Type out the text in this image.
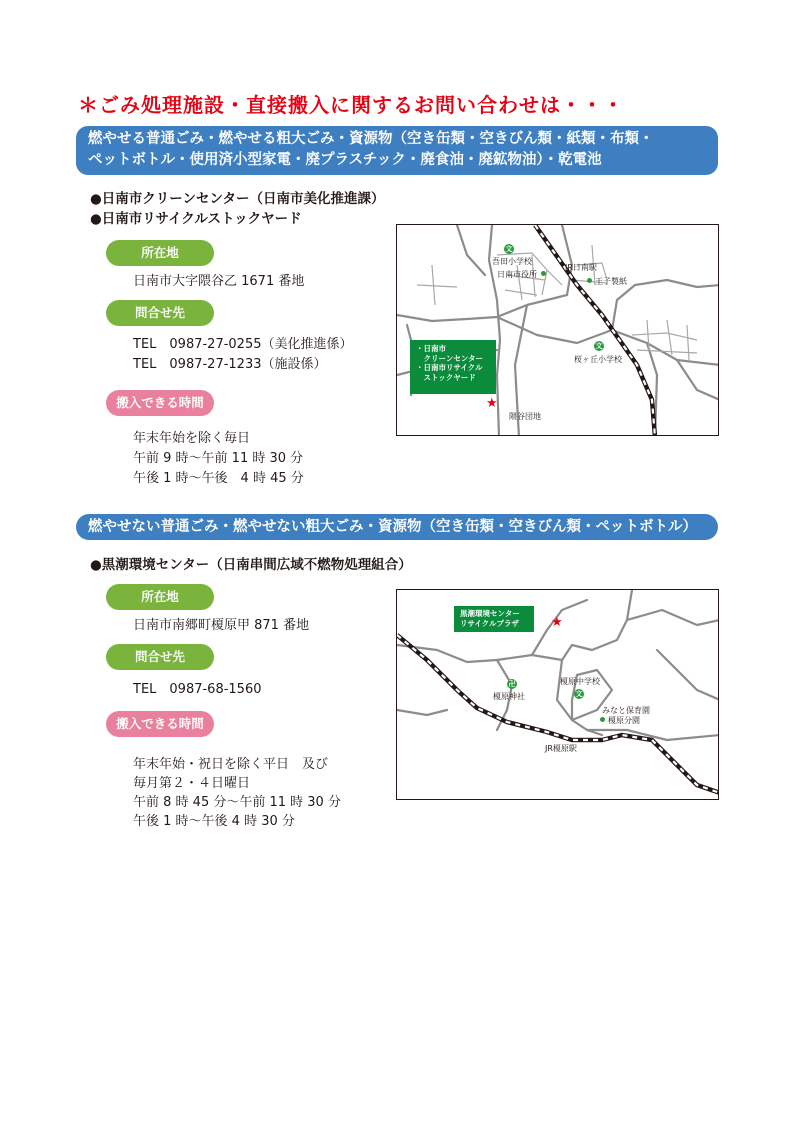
＊ごみ処理施設・直接搬入に関するお問い合わせは・・・
燃やせる普通ごみ・燃やせる粗大ごみ・資源物（空き缶類・空きびん類・紙類・布類・
ペットボトル・使用済小型家電・廃プラスチック・廃食油・廃鉱物油）・乾電池
●日南市クリーンセンター（日南市美化推進課）
●日南市リサイクルストックヤード
所在地
日南市大字隈谷乙 1671 番地
問合せ先
TEL　0987-27-0255（美化推進係）
TEL　0987-27-1233（施設係）
搬入できる時間
年末年始を除く毎日
午前 9 時〜午前 11 時 30 分
午後 1 時〜午後　4 時 45 分
文
吾田小学校
日南市役所
JR日南駅
王子製紙
文
桜ヶ丘小学校
・日南市
　クリーンセンター
・日南市リサイクル
　ストックヤード
★
隈谷団地
燃やせない普通ごみ・燃やせない粗大ごみ・資源物（空き缶類・空きびん類・ペットボトル）
●黒潮環境センター（日南串間広域不燃物処理組合）
所在地
日南市南郷町榎原甲 871 番地
問合せ先
TEL　0987-68-1560
搬入できる時間
年末年始・祝日を除く平日　及び
毎月第２・４日曜日
午前 8 時 45 分〜午前 11 時 30 分
午後 1 時〜午後 4 時 30 分
黒潮環境センター
リサイクルプラザ	★
卍
榎原神社
榎原中学校
文
みなと保育園
榎原分園
JR榎原駅
